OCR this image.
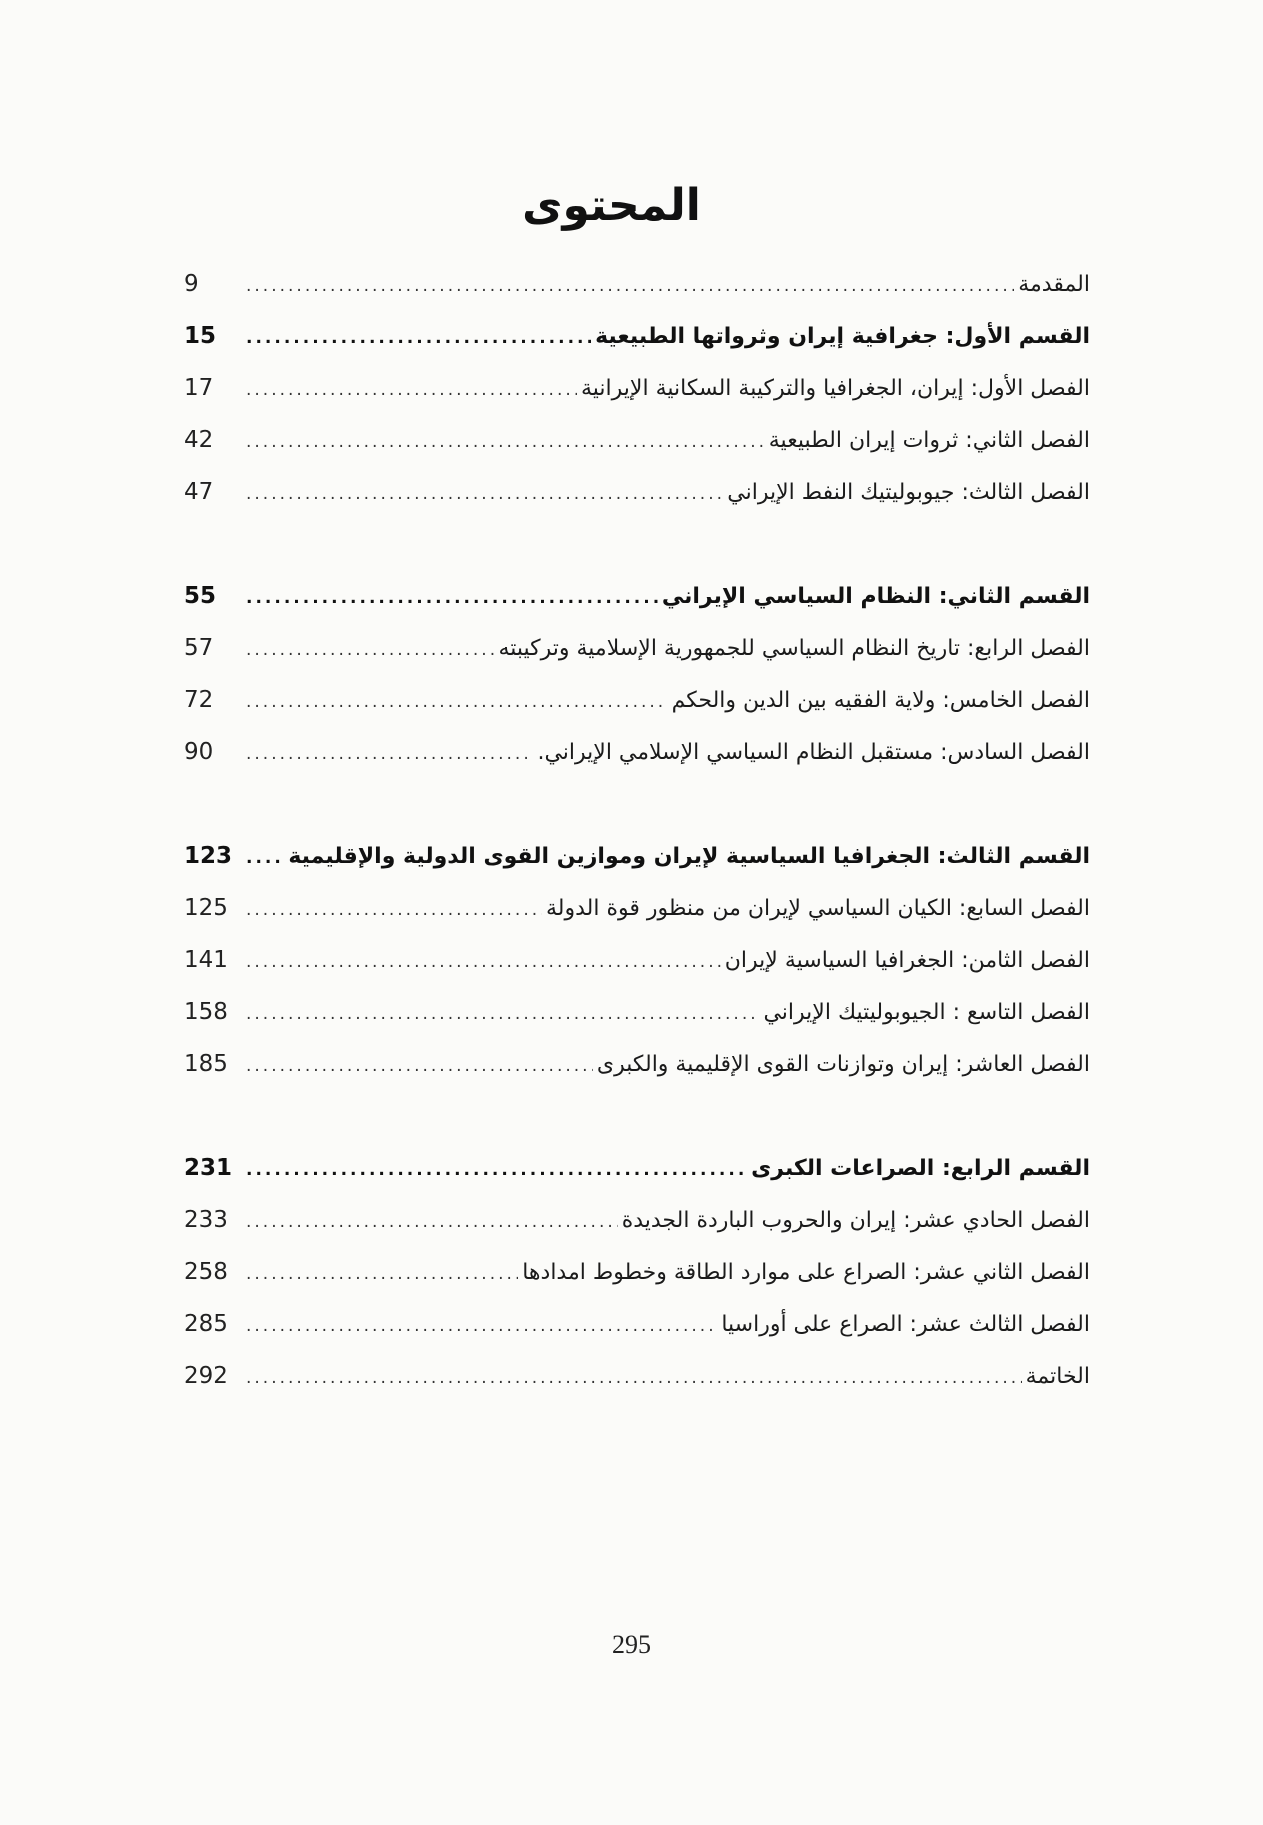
المحتوى
9 .....	المقدمة
15 .....	القسم الأول: جغرافية إيران وثرواتها الطبيعية
17 .....	الفصل الأول: إيران، الجغرافيا والتركيبة السكانية الإيرانية
42 .....	الفصل الثاني: ثروات إيران الطبيعية
47 .....	الفصل الثالث: جيوبوليتيك النفط الإيراني
55 .....	القسم الثاني: النظام السياسي الإيراني
57 .....	الفصل الرابع: تاريخ النظام السياسي للجمهورية الإسلامية وتركيبته
72 .....	الفصل الخامس: ولاية الفقيه بين الدين والحكم
90 .....	الفصل السادس: مستقبل النظام السياسي الإسلامي الإيراني.
123 .....	القسم الثالث: الجغرافيا السياسية لإيران وموازين القوى الدولية والإقليمية
125 .....	الفصل السابع: الكيان السياسي لإيران من منظور قوة الدولة
141 .....	الفصل الثامن: الجغرافيا السياسية لإيران
158 .....	الفصل التاسع : الجيوبوليتيك الإيراني
185 .....	الفصل العاشر: إيران وتوازنات القوى الإقليمية والكبرى
231 .....	القسم الرابع: الصراعات الكبرى
233 .....	الفصل الحادي عشر: إيران والحروب الباردة الجديدة
258 .....	الفصل الثاني عشر: الصراع على موارد الطاقة وخطوط امدادها
285 .....	الفصل الثالث عشر: الصراع على أوراسيا
292 .....	الخاتمة
295
